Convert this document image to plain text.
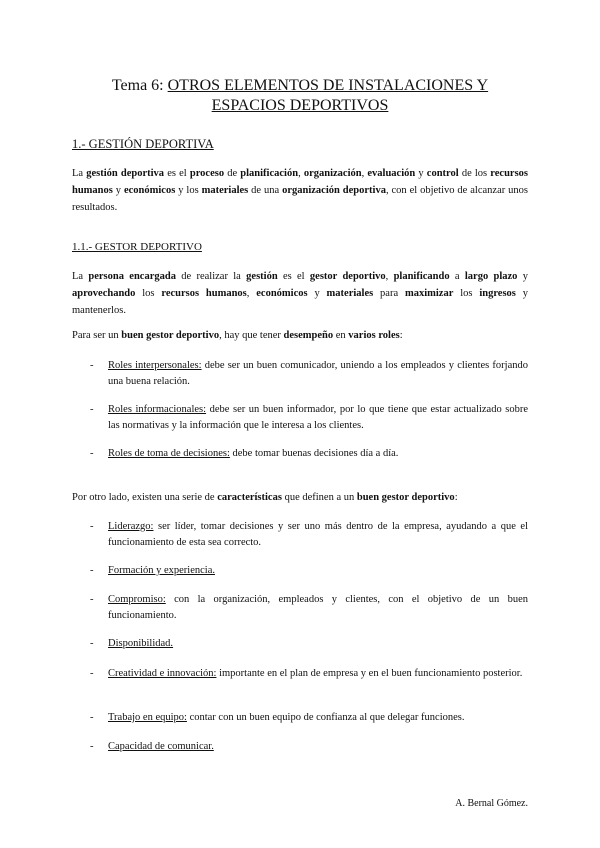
Tema 6: OTROS ELEMENTOS DE INSTALACIONES Y
ESPACIOS DEPORTIVOS
1.- GESTIÓN DEPORTIVA
La gestión deportiva es el proceso de planificación, organización, evaluación y control de los recursos humanos y económicos y los materiales de una organización deportiva, con el objetivo de alcanzar unos resultados.
1.1.- GESTOR DEPORTIVO
La persona encargada de realizar la gestión es el gestor deportivo, planificando a largo plazo y aprovechando los recursos humanos, económicos y materiales para maximizar los ingresos y mantenerlos.
Para ser un buen gestor deportivo, hay que tener desempeño en varios roles:
- Roles interpersonales: debe ser un buen comunicador, uniendo a los empleados y clientes forjando una buena relación.
- Roles informacionales: debe ser un buen informador, por lo que tiene que estar actualizado sobre las normativas y la información que le interesa a los clientes.
- Roles de toma de decisiones: debe tomar buenas decisiones día a día.
Por otro lado, existen una serie de características que definen a un buen gestor deportivo:
- Liderazgo: ser líder, tomar decisiones y ser uno más dentro de la empresa, ayudando a que el funcionamiento de esta sea correcto.
- Formación y experiencia.
- Compromiso: con la organización, empleados y clientes, con el objetivo de un buen funcionamiento.
- Disponibilidad.
- Creatividad e innovación: importante en el plan de empresa y en el buen funcionamiento posterior.
- Trabajo en equipo: contar con un buen equipo de confianza al que delegar funciones.
- Capacidad de comunicar.
A. Bernal Gómez.
